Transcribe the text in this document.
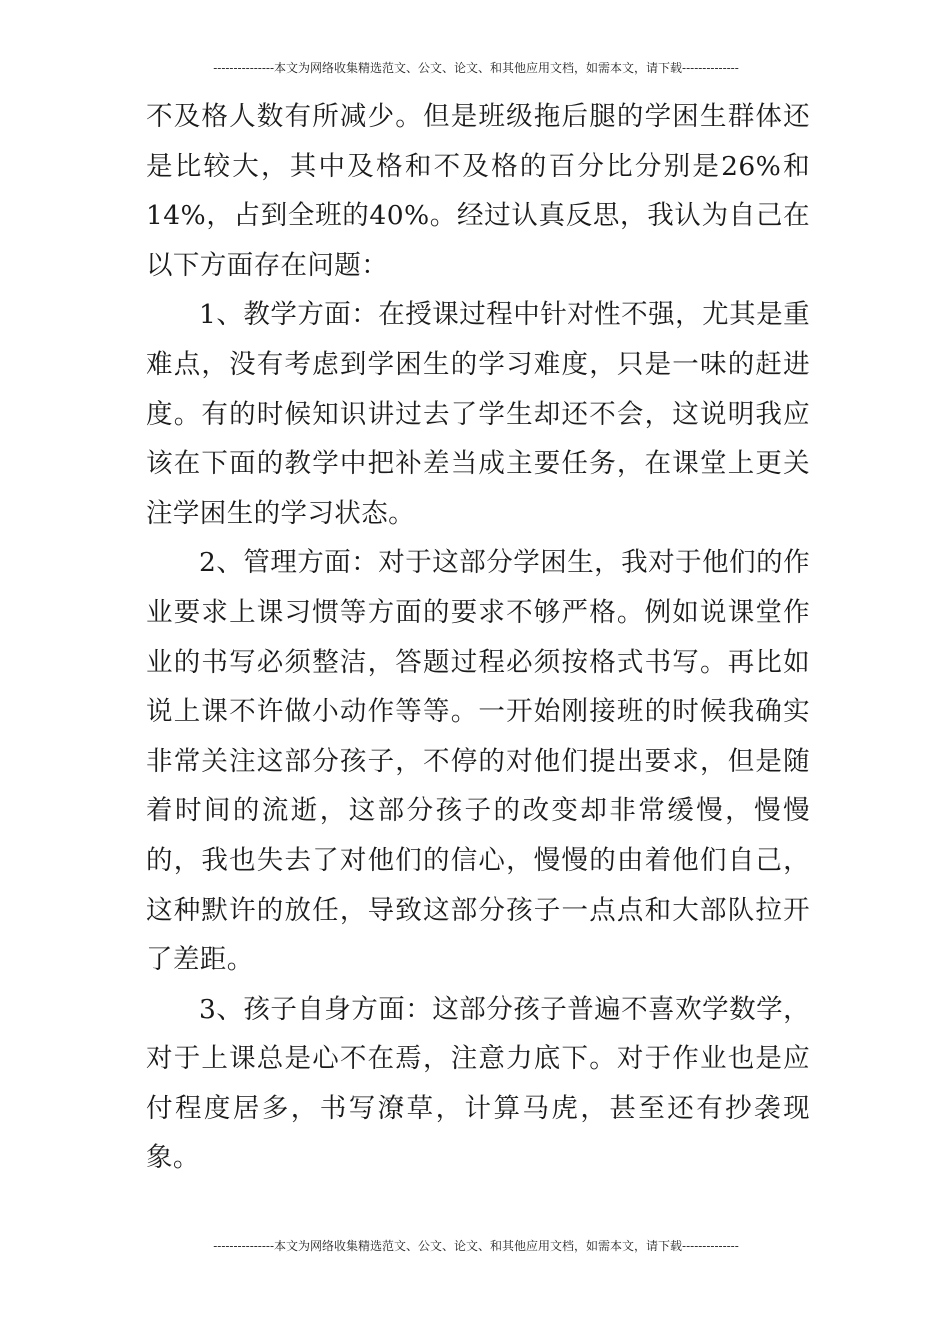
---------------本文为网络收集精选范文、公文、论文、和其他应用文档，如需本文，请下载--------------

不及格人数有所减少。但是班级拖后腿的学困生群体还是比较大，其中及格和不及格的百分比分别是26%和14%，占到全班的40%。经过认真反思，我认为自己在以下方面存在问题：

1、教学方面：在授课过程中针对性不强，尤其是重难点，没有考虑到学困生的学习难度，只是一味的赶进度。有的时候知识讲过去了学生却还不会，这说明我应该在下面的教学中把补差当成主要任务，在课堂上更关注学困生的学习状态。

2、管理方面：对于这部分学困生，我对于他们的作业要求上课习惯等方面的要求不够严格。例如说课堂作业的书写必须整洁，答题过程必须按格式书写。再比如说上课不许做小动作等等。一开始刚接班的时候我确实非常关注这部分孩子，不停的对他们提出要求，但是随着时间的流逝，这部分孩子的改变却非常缓慢，慢慢的，我也失去了对他们的信心，慢慢的由着他们自己，这种默许的放任，导致这部分孩子一点点和大部队拉开了差距。

3、孩子自身方面：这部分孩子普遍不喜欢学数学，对于上课总是心不在焉，注意力底下。对于作业也是应付程度居多，书写潦草，计算马虎，甚至还有抄袭现象。

---------------本文为网络收集精选范文、公文、论文、和其他应用文档，如需本文，请下载--------------
